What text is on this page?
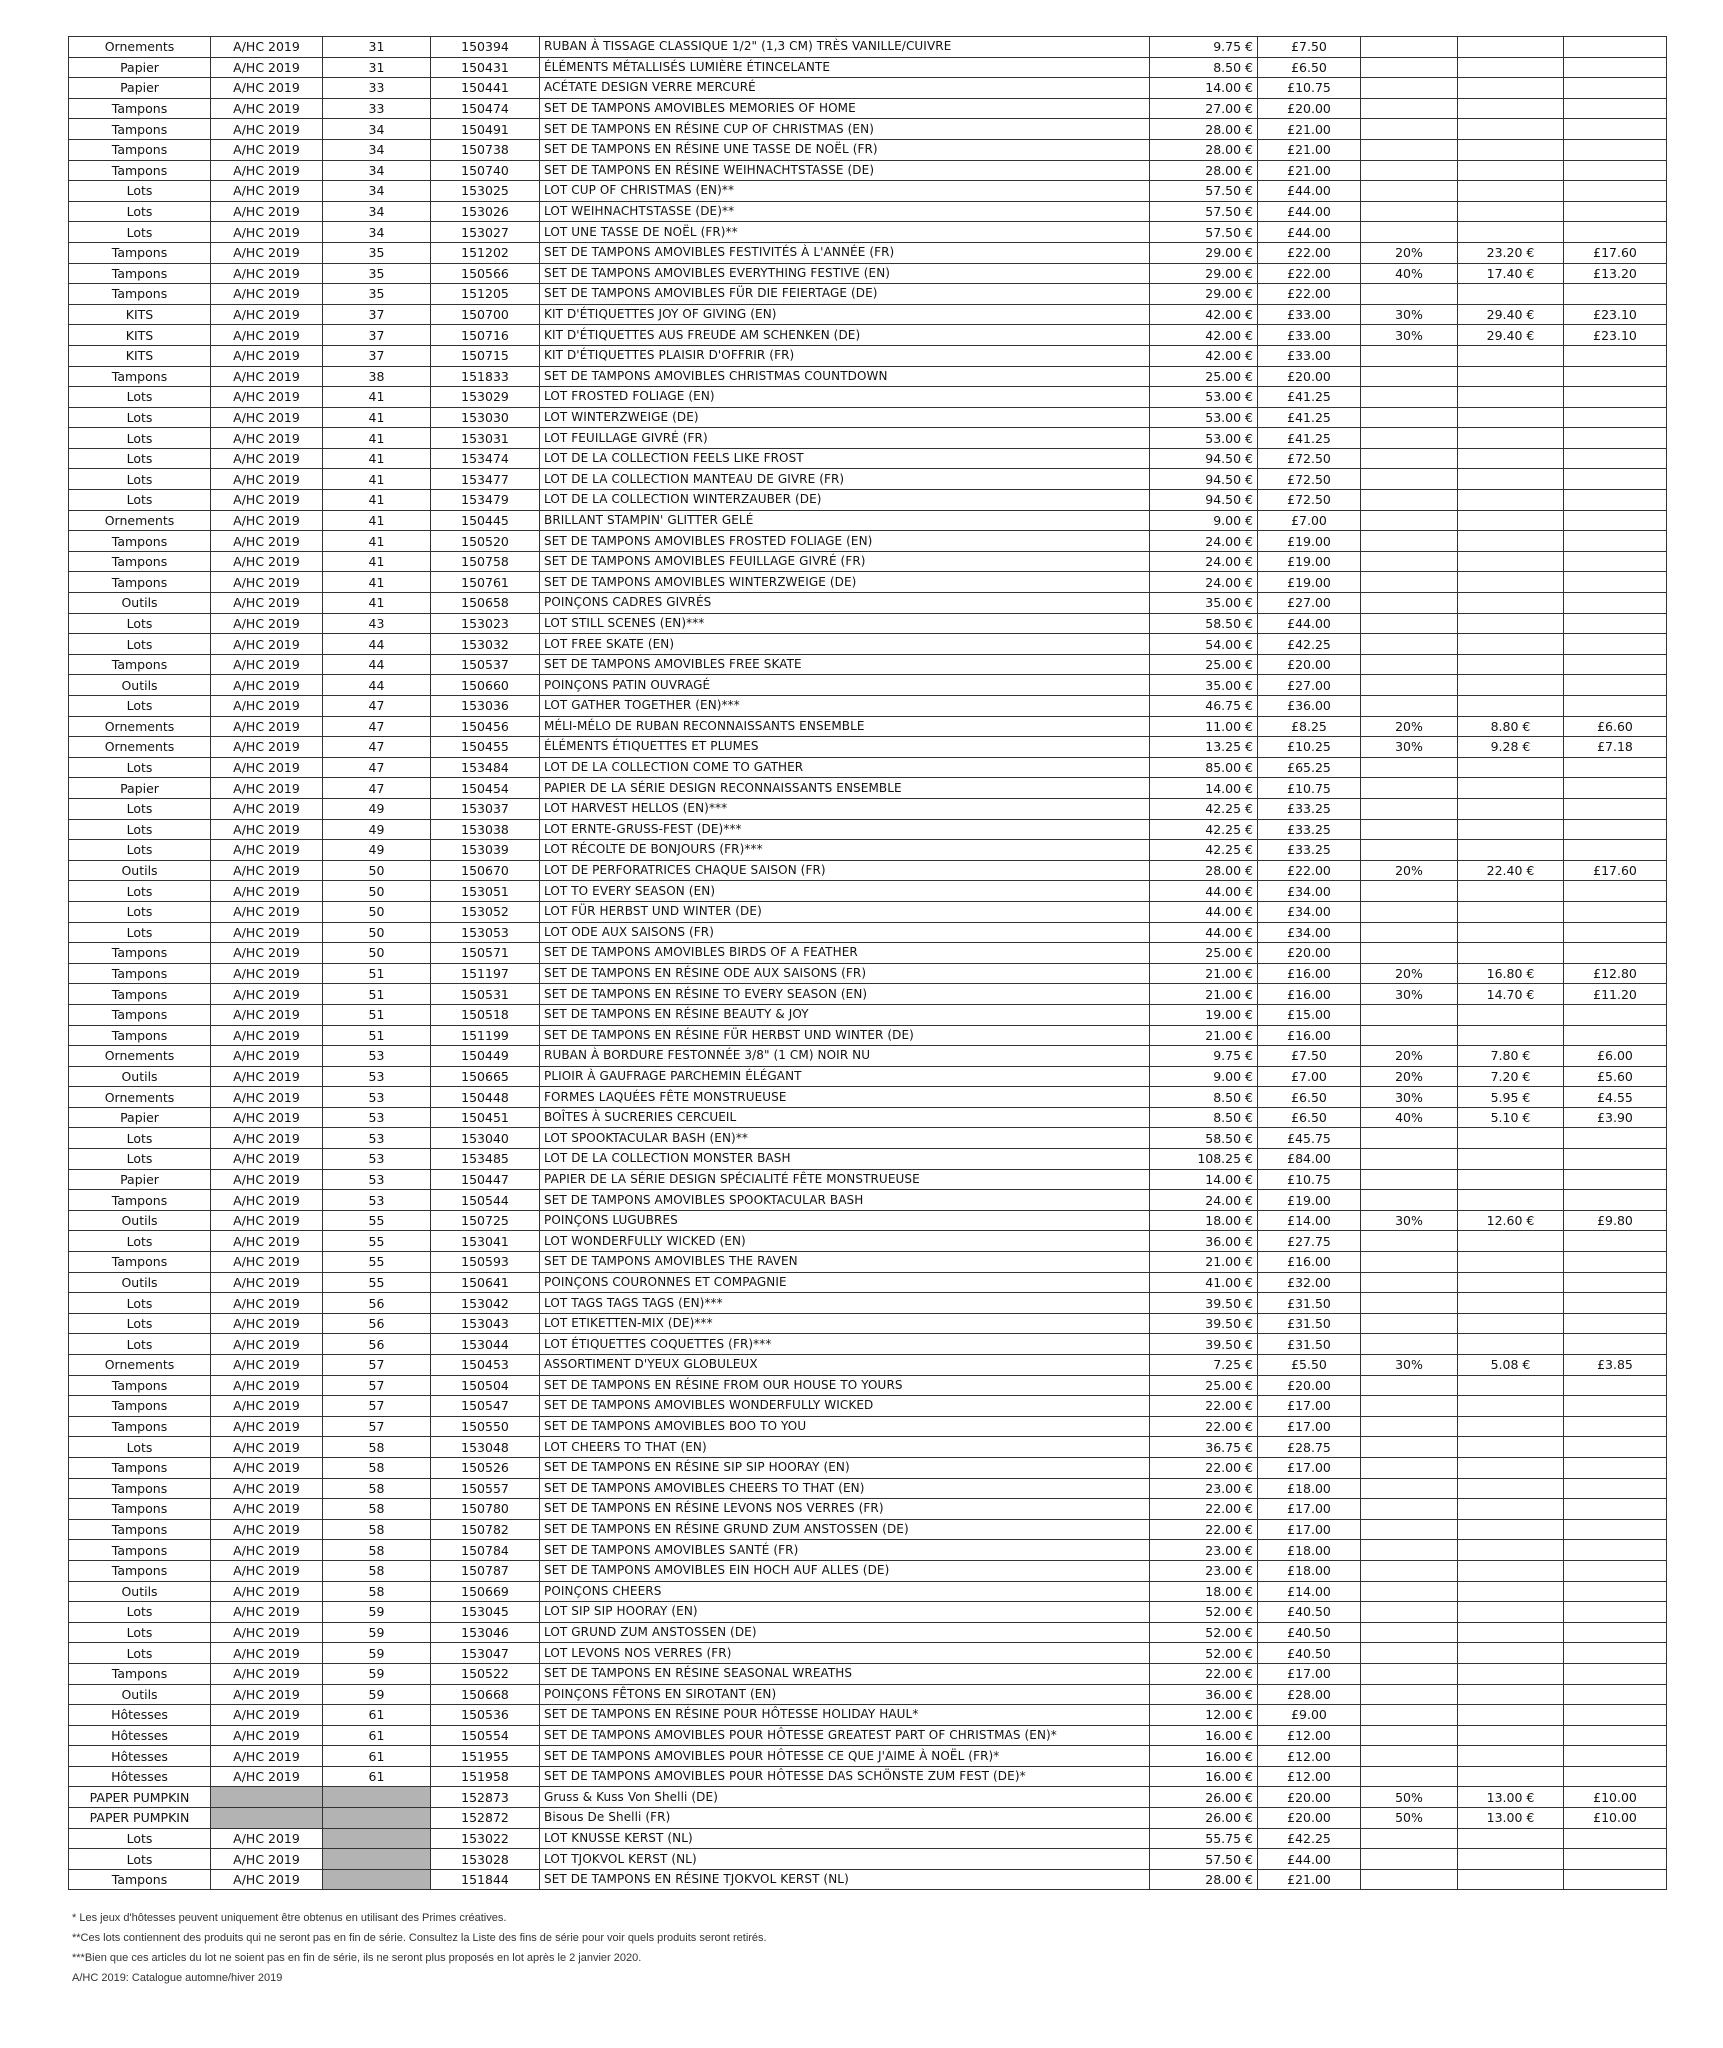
Ornements	A/HC 2019	31	150394	RUBAN À TISSAGE CLASSIQUE 1/2" (1,3 CM) TRÈS VANILLE/CUIVRE	9.75 €	£7.50			
Papier	A/HC 2019	31	150431	ÉLÉMENTS MÉTALLISÉS LUMIÈRE ÉTINCELANTE	8.50 €	£6.50			
Papier	A/HC 2019	33	150441	ACÉTATE DESIGN VERRE MERCURÉ	14.00 €	£10.75			
Tampons	A/HC 2019	33	150474	SET DE TAMPONS AMOVIBLES MEMORIES OF HOME	27.00 €	£20.00			
Tampons	A/HC 2019	34	150491	SET DE TAMPONS EN RÉSINE CUP OF CHRISTMAS (EN)	28.00 €	£21.00			
Tampons	A/HC 2019	34	150738	SET DE TAMPONS EN RÉSINE UNE TASSE DE NOËL (FR)	28.00 €	£21.00			
Tampons	A/HC 2019	34	150740	SET DE TAMPONS EN RÉSINE WEIHNACHTSTASSE (DE)	28.00 €	£21.00			
Lots	A/HC 2019	34	153025	LOT CUP OF CHRISTMAS (EN)**	57.50 €	£44.00			
Lots	A/HC 2019	34	153026	LOT WEIHNACHTSTASSE (DE)**	57.50 €	£44.00			
Lots	A/HC 2019	34	153027	LOT UNE TASSE DE NOËL (FR)**	57.50 €	£44.00			
Tampons	A/HC 2019	35	151202	SET DE TAMPONS AMOVIBLES FESTIVITÉS À L'ANNÉE (FR)	29.00 €	£22.00	20%	23.20 €	£17.60
Tampons	A/HC 2019	35	150566	SET DE TAMPONS AMOVIBLES EVERYTHING FESTIVE (EN)	29.00 €	£22.00	40%	17.40 €	£13.20
Tampons	A/HC 2019	35	151205	SET DE TAMPONS AMOVIBLES FÜR DIE FEIERTAGE (DE)	29.00 €	£22.00			
KITS	A/HC 2019	37	150700	KIT D'ÉTIQUETTES JOY OF GIVING (EN)	42.00 €	£33.00	30%	29.40 €	£23.10
KITS	A/HC 2019	37	150716	KIT D'ÉTIQUETTES AUS FREUDE AM SCHENKEN (DE)	42.00 €	£33.00	30%	29.40 €	£23.10
KITS	A/HC 2019	37	150715	KIT D'ÉTIQUETTES PLAISIR D'OFFRIR (FR)	42.00 €	£33.00			
Tampons	A/HC 2019	38	151833	SET DE TAMPONS AMOVIBLES CHRISTMAS COUNTDOWN	25.00 €	£20.00			
Lots	A/HC 2019	41	153029	LOT FROSTED FOLIAGE (EN)	53.00 €	£41.25			
Lots	A/HC 2019	41	153030	LOT WINTERZWEIGE (DE)	53.00 €	£41.25			
Lots	A/HC 2019	41	153031	LOT FEUILLAGE GIVRÉ (FR)	53.00 €	£41.25			
Lots	A/HC 2019	41	153474	LOT DE LA COLLECTION FEELS LIKE FROST	94.50 €	£72.50			
Lots	A/HC 2019	41	153477	LOT DE LA COLLECTION MANTEAU DE GIVRE (FR)	94.50 €	£72.50			
Lots	A/HC 2019	41	153479	LOT DE LA COLLECTION WINTERZAUBER (DE)	94.50 €	£72.50			
Ornements	A/HC 2019	41	150445	BRILLANT STAMPIN' GLITTER GELÉ	9.00 €	£7.00			
Tampons	A/HC 2019	41	150520	SET DE TAMPONS AMOVIBLES FROSTED FOLIAGE (EN)	24.00 €	£19.00			
Tampons	A/HC 2019	41	150758	SET DE TAMPONS AMOVIBLES FEUILLAGE GIVRÉ (FR)	24.00 €	£19.00			
Tampons	A/HC 2019	41	150761	SET DE TAMPONS AMOVIBLES WINTERZWEIGE (DE)	24.00 €	£19.00			
Outils	A/HC 2019	41	150658	POINÇONS CADRES GIVRÉS	35.00 €	£27.00			
Lots	A/HC 2019	43	153023	LOT STILL SCENES (EN)***	58.50 €	£44.00			
Lots	A/HC 2019	44	153032	LOT FREE SKATE (EN)	54.00 €	£42.25			
Tampons	A/HC 2019	44	150537	SET DE TAMPONS AMOVIBLES FREE SKATE	25.00 €	£20.00			
Outils	A/HC 2019	44	150660	POINÇONS PATIN OUVRAGÉ	35.00 €	£27.00			
Lots	A/HC 2019	47	153036	LOT GATHER TOGETHER (EN)***	46.75 €	£36.00			
Ornements	A/HC 2019	47	150456	MÉLI-MÉLO DE RUBAN RECONNAISSANTS ENSEMBLE	11.00 €	£8.25	20%	8.80 €	£6.60
Ornements	A/HC 2019	47	150455	ÉLÉMENTS ÉTIQUETTES ET PLUMES	13.25 €	£10.25	30%	9.28 €	£7.18
Lots	A/HC 2019	47	153484	LOT DE LA COLLECTION COME TO GATHER	85.00 €	£65.25			
Papier	A/HC 2019	47	150454	PAPIER DE LA SÉRIE DESIGN RECONNAISSANTS ENSEMBLE	14.00 €	£10.75			
Lots	A/HC 2019	49	153037	LOT HARVEST HELLOS (EN)***	42.25 €	£33.25			
Lots	A/HC 2019	49	153038	LOT ERNTE-GRUSS-FEST (DE)***	42.25 €	£33.25			
Lots	A/HC 2019	49	153039	LOT RÉCOLTE DE BONJOURS (FR)***	42.25 €	£33.25			
Outils	A/HC 2019	50	150670	LOT DE PERFORATRICES CHAQUE SAISON (FR)	28.00 €	£22.00	20%	22.40 €	£17.60
Lots	A/HC 2019	50	153051	LOT TO EVERY SEASON (EN)	44.00 €	£34.00			
Lots	A/HC 2019	50	153052	LOT FÜR HERBST UND WINTER (DE)	44.00 €	£34.00			
Lots	A/HC 2019	50	153053	LOT ODE AUX SAISONS (FR)	44.00 €	£34.00			
Tampons	A/HC 2019	50	150571	SET DE TAMPONS AMOVIBLES BIRDS OF A FEATHER	25.00 €	£20.00			
Tampons	A/HC 2019	51	151197	SET DE TAMPONS EN RÉSINE ODE AUX SAISONS (FR)	21.00 €	£16.00	20%	16.80 €	£12.80
Tampons	A/HC 2019	51	150531	SET DE TAMPONS EN RÉSINE TO EVERY SEASON (EN)	21.00 €	£16.00	30%	14.70 €	£11.20
Tampons	A/HC 2019	51	150518	SET DE TAMPONS EN RÉSINE BEAUTY & JOY	19.00 €	£15.00			
Tampons	A/HC 2019	51	151199	SET DE TAMPONS EN RÉSINE FÜR HERBST UND WINTER (DE)	21.00 €	£16.00			
Ornements	A/HC 2019	53	150449	RUBAN À BORDURE FESTONNÉE 3/8" (1 CM) NOIR NU	9.75 €	£7.50	20%	7.80 €	£6.00
Outils	A/HC 2019	53	150665	PLIOIR À GAUFRAGE PARCHEMIN ÉLÉGANT	9.00 €	£7.00	20%	7.20 €	£5.60
Ornements	A/HC 2019	53	150448	FORMES LAQUÉES FÊTE MONSTRUEUSE	8.50 €	£6.50	30%	5.95 €	£4.55
Papier	A/HC 2019	53	150451	BOÎTES À SUCRERIES CERCUEIL	8.50 €	£6.50	40%	5.10 €	£3.90
Lots	A/HC 2019	53	153040	LOT SPOOKTACULAR BASH (EN)**	58.50 €	£45.75			
Lots	A/HC 2019	53	153485	LOT DE LA COLLECTION MONSTER BASH	108.25 €	£84.00			
Papier	A/HC 2019	53	150447	PAPIER DE LA SÉRIE DESIGN SPÉCIALITÉ FÊTE MONSTRUEUSE	14.00 €	£10.75			
Tampons	A/HC 2019	53	150544	SET DE TAMPONS AMOVIBLES SPOOKTACULAR BASH	24.00 €	£19.00			
Outils	A/HC 2019	55	150725	POINÇONS LUGUBRES	18.00 €	£14.00	30%	12.60 €	£9.80
Lots	A/HC 2019	55	153041	LOT WONDERFULLY WICKED (EN)	36.00 €	£27.75			
Tampons	A/HC 2019	55	150593	SET DE TAMPONS AMOVIBLES THE RAVEN	21.00 €	£16.00			
Outils	A/HC 2019	55	150641	POINÇONS COURONNES ET COMPAGNIE	41.00 €	£32.00			
Lots	A/HC 2019	56	153042	LOT TAGS TAGS TAGS (EN)***	39.50 €	£31.50			
Lots	A/HC 2019	56	153043	LOT ETIKETTEN-MIX (DE)***	39.50 €	£31.50			
Lots	A/HC 2019	56	153044	LOT ÉTIQUETTES COQUETTES (FR)***	39.50 €	£31.50			
Ornements	A/HC 2019	57	150453	ASSORTIMENT D'YEUX GLOBULEUX	7.25 €	£5.50	30%	5.08 €	£3.85
Tampons	A/HC 2019	57	150504	SET DE TAMPONS EN RÉSINE FROM OUR HOUSE TO YOURS	25.00 €	£20.00			
Tampons	A/HC 2019	57	150547	SET DE TAMPONS AMOVIBLES WONDERFULLY WICKED	22.00 €	£17.00			
Tampons	A/HC 2019	57	150550	SET DE TAMPONS AMOVIBLES BOO TO YOU	22.00 €	£17.00			
Lots	A/HC 2019	58	153048	LOT CHEERS TO THAT (EN)	36.75 €	£28.75			
Tampons	A/HC 2019	58	150526	SET DE TAMPONS EN RÉSINE SIP SIP HOORAY (EN)	22.00 €	£17.00			
Tampons	A/HC 2019	58	150557	SET DE TAMPONS AMOVIBLES CHEERS TO THAT (EN)	23.00 €	£18.00			
Tampons	A/HC 2019	58	150780	SET DE TAMPONS EN RÉSINE LEVONS NOS VERRES (FR)	22.00 €	£17.00			
Tampons	A/HC 2019	58	150782	SET DE TAMPONS EN RÉSINE GRUND ZUM ANSTOSSEN (DE)	22.00 €	£17.00			
Tampons	A/HC 2019	58	150784	SET DE TAMPONS AMOVIBLES SANTÉ (FR)	23.00 €	£18.00			
Tampons	A/HC 2019	58	150787	SET DE TAMPONS AMOVIBLES EIN HOCH AUF ALLES (DE)	23.00 €	£18.00			
Outils	A/HC 2019	58	150669	POINÇONS CHEERS	18.00 €	£14.00			
Lots	A/HC 2019	59	153045	LOT SIP SIP HOORAY (EN)	52.00 €	£40.50			
Lots	A/HC 2019	59	153046	LOT GRUND ZUM ANSTOSSEN (DE)	52.00 €	£40.50			
Lots	A/HC 2019	59	153047	LOT LEVONS NOS VERRES (FR)	52.00 €	£40.50			
Tampons	A/HC 2019	59	150522	SET DE TAMPONS EN RÉSINE SEASONAL WREATHS	22.00 €	£17.00			
Outils	A/HC 2019	59	150668	POINÇONS FÊTONS EN SIROTANT (EN)	36.00 €	£28.00			
Hôtesses	A/HC 2019	61	150536	SET DE TAMPONS EN RÉSINE POUR HÔTESSE HOLIDAY HAUL*	12.00 €	£9.00			
Hôtesses	A/HC 2019	61	150554	SET DE TAMPONS AMOVIBLES POUR HÔTESSE GREATEST PART OF CHRISTMAS (EN)*	16.00 €	£12.00			
Hôtesses	A/HC 2019	61	151955	SET DE TAMPONS AMOVIBLES POUR HÔTESSE CE QUE J'AIME À NOËL (FR)*	16.00 €	£12.00			
Hôtesses	A/HC 2019	61	151958	SET DE TAMPONS AMOVIBLES POUR HÔTESSE DAS SCHÖNSTE ZUM FEST (DE)*	16.00 €	£12.00			
PAPER PUMPKIN			152873	Gruss & Kuss Von Shelli (DE)	26.00 €	£20.00	50%	13.00 €	£10.00
PAPER PUMPKIN			152872	Bisous De Shelli (FR)	26.00 €	£20.00	50%	13.00 €	£10.00
Lots	A/HC 2019		153022	LOT KNUSSE KERST (NL)	55.75 €	£42.25			
Lots	A/HC 2019		153028	LOT TJOKVOL KERST (NL)	57.50 €	£44.00			
Tampons	A/HC 2019		151844	SET DE TAMPONS EN RÉSINE TJOKVOL KERST (NL)	28.00 €	£21.00			
* Les jeux d'hôtesses peuvent uniquement être obtenus en utilisant des Primes créatives.
**Ces lots contiennent des produits qui ne seront pas en fin de série. Consultez la Liste des fins de série pour voir quels produits seront retirés.
***Bien que ces articles du lot ne soient pas en fin de série, ils ne seront plus proposés en lot après le 2 janvier 2020.
A/HC 2019: Catalogue automne/hiver 2019
